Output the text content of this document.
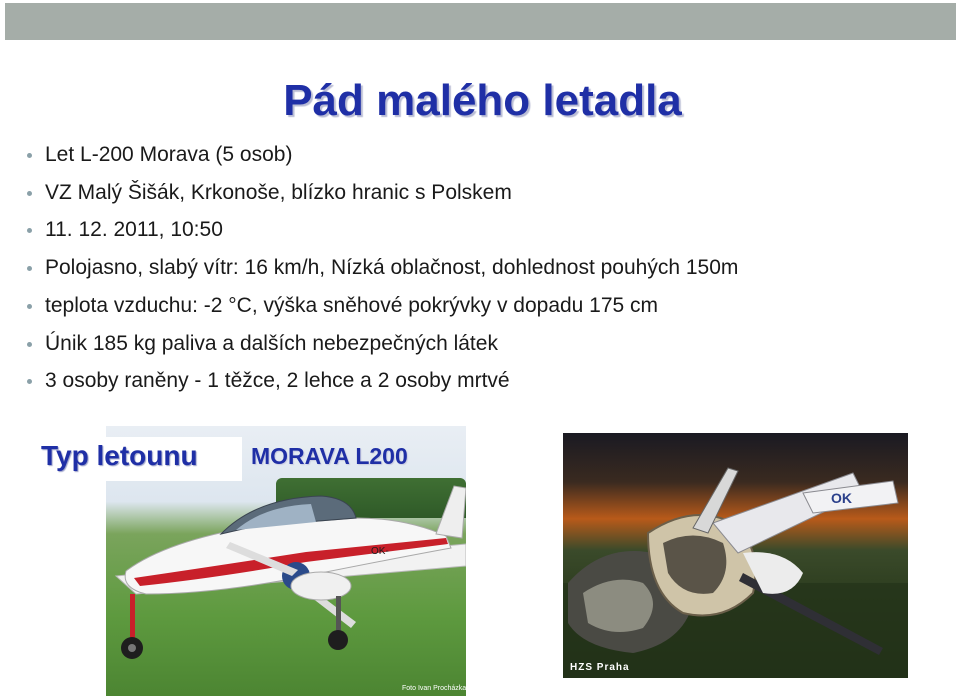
Pád malého letadla
Let L-200 Morava (5 osob)
VZ Malý Šišák, Krkonoše, blízko hranic s Polskem
11. 12. 2011, 10:50
Polojasno, slabý vítr: 16 km/h, Nízká oblačnost, dohlednost pouhých 150m
teplota vzduchu: -2 °C, výška sněhové pokrývky v dopadu 175 cm
Únik 185 kg paliva a dalších nebezpečných látek
3 osoby raněny - 1 těžce, 2 lehce a 2 osoby mrtvé
OK-
Typ letounu MORAVA L200
Foto Ivan Procházka
OK
HZS Praha
